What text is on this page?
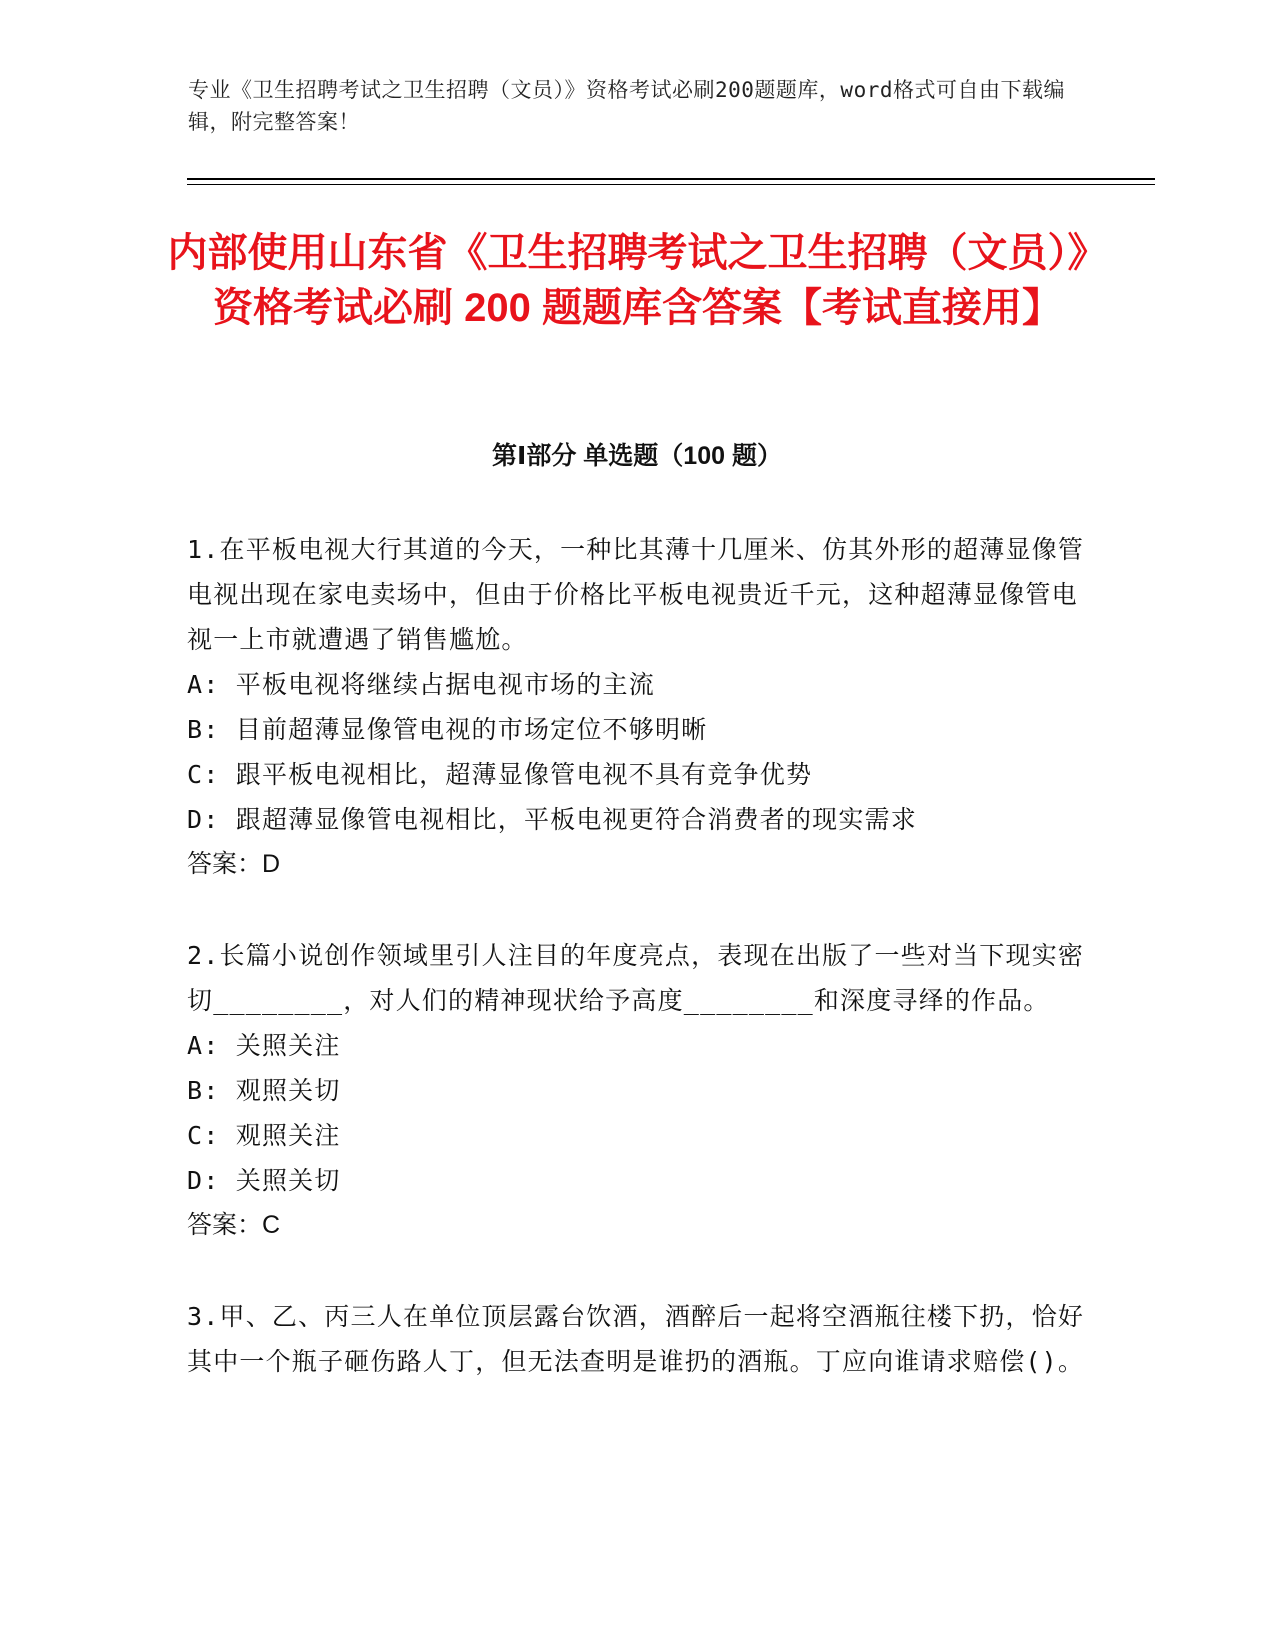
专业《卫生招聘考试之卫生招聘（文员）》资格考试必刷200题题库，word格式可自由下载编辑，附完整答案！

内部使用山东省《卫生招聘考试之卫生招聘（文员）》资格考试必刷 200 题题库含答案【考试直接用】
第Ⅰ部分 单选题（100 题）

1.在平板电视大行其道的今天，一种比其薄十几厘米、仿其外形的超薄显像管电视出现在家电卖场中，但由于价格比平板电视贵近千元，这种超薄显像管电视一上市就遭遇了销售尴尬。

A: 平板电视将继续占据电视市场的主流
B: 目前超薄显像管电视的市场定位不够明晰
C: 跟平板电视相比，超薄显像管电视不具有竞争优势
D: 跟超薄显像管电视相比，平板电视更符合消费者的现实需求

答案：D

2.长篇小说创作领域里引人注目的年度亮点，表现在出版了一些对当下现实密切________，对人们的精神现状给予高度________和深度寻绎的作品。

A: 关照关注
B: 观照关切
C: 观照关注
D: 关照关切

答案：C

3.甲、乙、丙三人在单位顶层露台饮酒，酒醉后一起将空酒瓶往楼下扔，恰好其中一个瓶子砸伤路人丁，但无法查明是谁扔的酒瓶。丁应向谁请求赔偿()。
